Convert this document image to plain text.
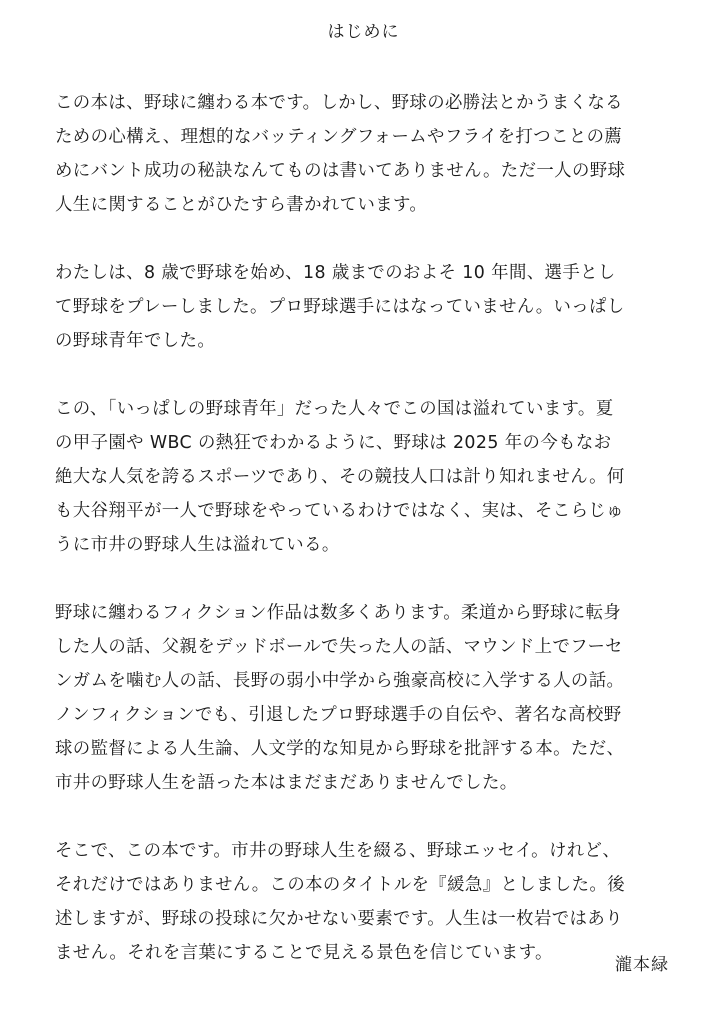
はじめに
この本は、野球に纏わる本です。しかし、野球の必勝法とかうまくなる
ための心構え、理想的なバッティングフォームやフライを打つことの薦
めにバント成功の秘訣なんてものは書いてありません。ただ一人の野球
人生に関することがひたすら書かれています。
わたしは、8 歳で野球を始め、18 歳までのおよそ 10 年間、選手とし
て野球をプレーしました。プロ野球選手にはなっていません。いっぱし
の野球青年でした。
この、「いっぱしの野球青年」だった人々でこの国は溢れています。夏
の甲子園や WBC の熱狂でわかるように、野球は 2025 年の今もなお
絶大な人気を誇るスポーツであり、その競技人口は計り知れません。何
も大谷翔平が一人で野球をやっているわけではなく、実は、そこらじゅ
うに市井の野球人生は溢れている。
野球に纏わるフィクション作品は数多くあります。柔道から野球に転身
した人の話、父親をデッドボールで失った人の話、マウンド上でフーセ
ンガムを噛む人の話、長野の弱小中学から強豪高校に入学する人の話。
ノンフィクションでも、引退したプロ野球選手の自伝や、著名な高校野
球の監督による人生論、人文学的な知見から野球を批評する本。ただ、
市井の野球人生を語った本はまだまだありませんでした。
そこで、この本です。市井の野球人生を綴る、野球エッセイ。けれど、
それだけではありません。この本のタイトルを『緩急』としました。後
述しますが、野球の投球に欠かせない要素です。人生は一枚岩ではあり
ません。それを言葉にすることで見える景色を信じています。
瀧本緑
